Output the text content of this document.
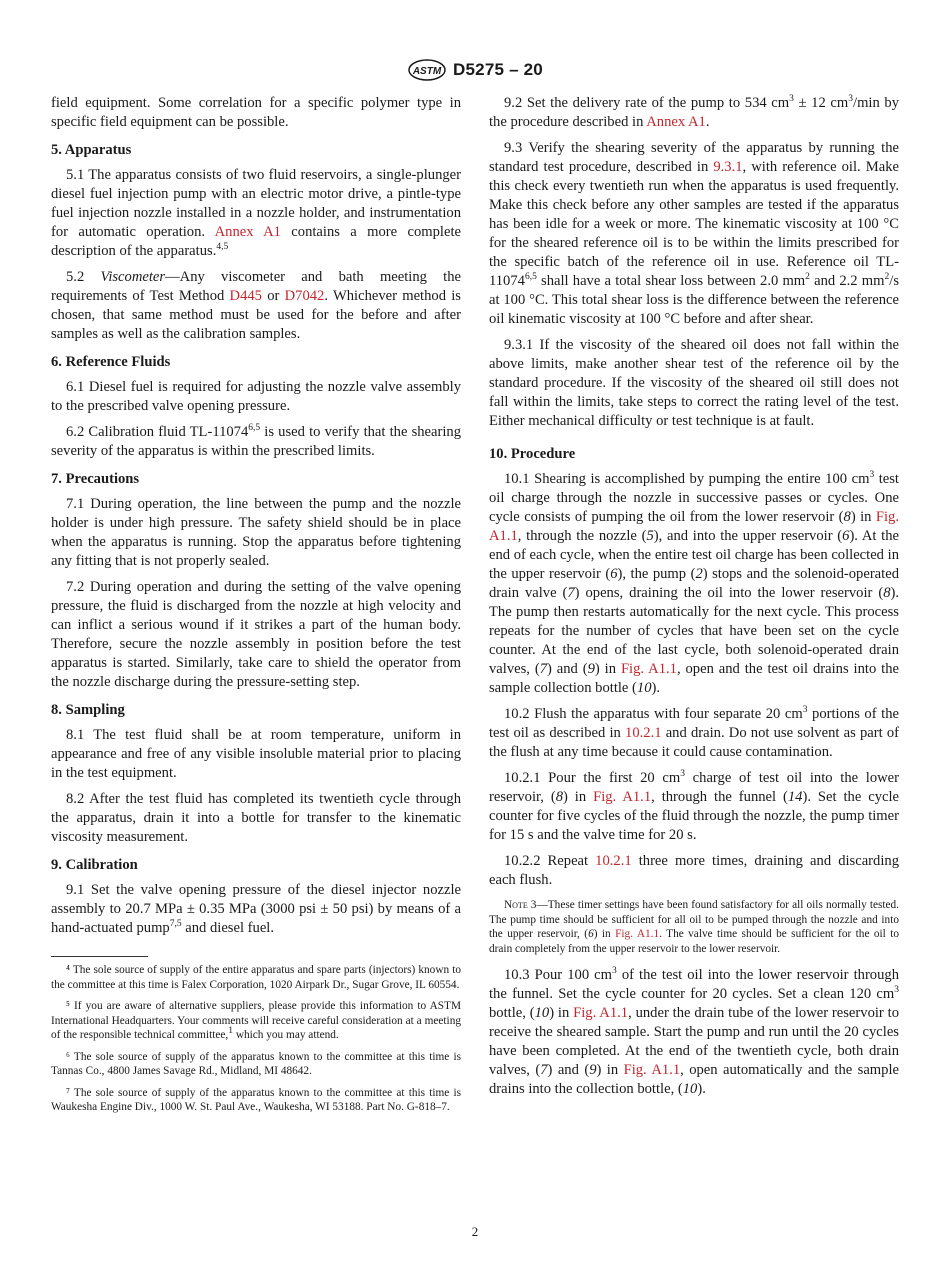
ASTM D5275 – 20

field equipment. Some correlation for a specific polymer type in specific field equipment can be possible.

5. Apparatus

5.1 The apparatus consists of two fluid reservoirs, a single-plunger diesel fuel injection pump with an electric motor drive, a pintle-type fuel injection nozzle installed in a nozzle holder, and instrumentation for automatic operation. Annex A1 contains a more complete description of the apparatus.$^{4,5}$

5.2 Viscometer—Any viscometer and bath meeting the requirements of Test Method D445 or D7042. Whichever method is chosen, that same method must be used for the before and after samples as well as the calibration samples.

6. Reference Fluids

6.1 Diesel fuel is required for adjusting the nozzle valve assembly to the prescribed valve opening pressure.

6.2 Calibration fluid TL-11074$^{6,5}$ is used to verify that the shearing severity of the apparatus is within the prescribed limits.

7. Precautions

7.1 During operation, the line between the pump and the nozzle holder is under high pressure. The safety shield should be in place when the apparatus is running. Stop the apparatus before tightening any fitting that is not properly sealed.

7.2 During operation and during the setting of the valve opening pressure, the fluid is discharged from the nozzle at high velocity and can inflict a serious wound if it strikes a part of the human body. Therefore, secure the nozzle assembly in position before the test apparatus is started. Similarly, take care to shield the operator from the nozzle discharge during the pressure-setting step.

8. Sampling

8.1 The test fluid shall be at room temperature, uniform in appearance and free of any visible insoluble material prior to placing in the test equipment.

8.2 After the test fluid has completed its twentieth cycle through the apparatus, drain it into a bottle for transfer to the kinematic viscosity measurement.

9. Calibration

9.1 Set the valve opening pressure of the diesel injector nozzle assembly to 20.7 MPa ± 0.35 MPa (3000 psi ± 50 psi) by means of a hand-actuated pump$^{7,5}$ and diesel fuel.

⁴ The sole source of supply of the entire apparatus and spare parts (injectors) known to the committee at this time is Falex Corporation, 1020 Airpark Dr., Sugar Grove, IL 60554.

⁵ If you are aware of alternative suppliers, please provide this information to ASTM International Headquarters. Your comments will receive careful consideration at a meeting of the responsible technical committee,$^1$ which you may attend.

⁶ The sole source of supply of the apparatus known to the committee at this time is Tannas Co., 4800 James Savage Rd., Midland, MI 48642.

⁷ The sole source of supply of the apparatus known to the committee at this time is Waukesha Engine Div., 1000 W. St. Paul Ave., Waukesha, WI 53188. Part No. G-818–7.

9.2 Set the delivery rate of the pump to 534 $cm^3 \pm 12$ $cm^3/\min$ by the procedure described in Annex A1.

9.3 Verify the shearing severity of the apparatus by running the standard test procedure, described in 9.3.1, with reference oil. Make this check every twentieth run when the apparatus is used frequently. Make this check before any other samples are tested if the apparatus has been idle for a week or more. The kinematic viscosity at 100 °C for the sheared reference oil is to be within the limits prescribed for the specific batch of the reference oil in use. Reference oil TL-11074$^{6,5}$ shall have a total shear loss between 2.0 $mm^2$ and 2.2 $mm^2/s$ at 100 °C. This total shear loss is the difference between the reference oil kinematic viscosity at 100 °C before and after shear.

9.3.1 If the viscosity of the sheared oil does not fall within the above limits, make another shear test of the reference oil by the standard procedure. If the viscosity of the sheared oil still does not fall within the limits, take steps to correct the rating level of the test. Either mechanical difficulty or test technique is at fault.

10. Procedure

10.1 Shearing is accomplished by pumping the entire 100 $cm^3$ test oil charge through the nozzle in successive passes or cycles. One cycle consists of pumping the oil from the lower reservoir (8) in Fig. A1.1, through the nozzle (5), and into the upper reservoir (6). At the end of each cycle, when the entire test oil charge has been collected in the upper reservoir (6), the pump (2) stops and the solenoid-operated drain valve (7) opens, draining the oil into the lower reservoir (8). The pump then restarts automatically for the next cycle. This process repeats for the number of cycles that have been set on the cycle counter. At the end of the last cycle, both solenoid-operated drain valves, (7) and (9) in Fig. A1.1, open and the test oil drains into the sample collection bottle (10).

10.2 Flush the apparatus with four separate 20 $cm^3$ portions of the test oil as described in 10.2.1 and drain. Do not use solvent as part of the flush at any time because it could cause contamination.

10.2.1 Pour the first 20 $cm^3$ charge of test oil into the lower reservoir, (8) in Fig. A1.1, through the funnel (14). Set the cycle counter for five cycles of the fluid through the nozzle, the pump timer for 15 s and the valve time for 20 s.

10.2.2 Repeat 10.2.1 three more times, draining and discarding each flush.

Note 3—These timer settings have been found satisfactory for all oils normally tested. The pump time should be sufficient for all oil to be pumped through the nozzle and into the upper reservoir, (6) in Fig. A1.1. The valve time should be sufficient for the oil to drain completely from the upper reservoir to the lower reservoir.

10.3 Pour 100 $cm^3$ of the test oil into the lower reservoir through the funnel. Set the cycle counter for 20 cycles. Set a clean 120 $cm^3$ bottle, (10) in Fig. A1.1, under the drain tube of the lower reservoir to receive the sheared sample. Start the pump and run until the 20 cycles have been completed. At the end of the twentieth cycle, both drain valves, (7) and (9) in Fig. A1.1, open automatically and the sample drains into the collection bottle, (10).

2
